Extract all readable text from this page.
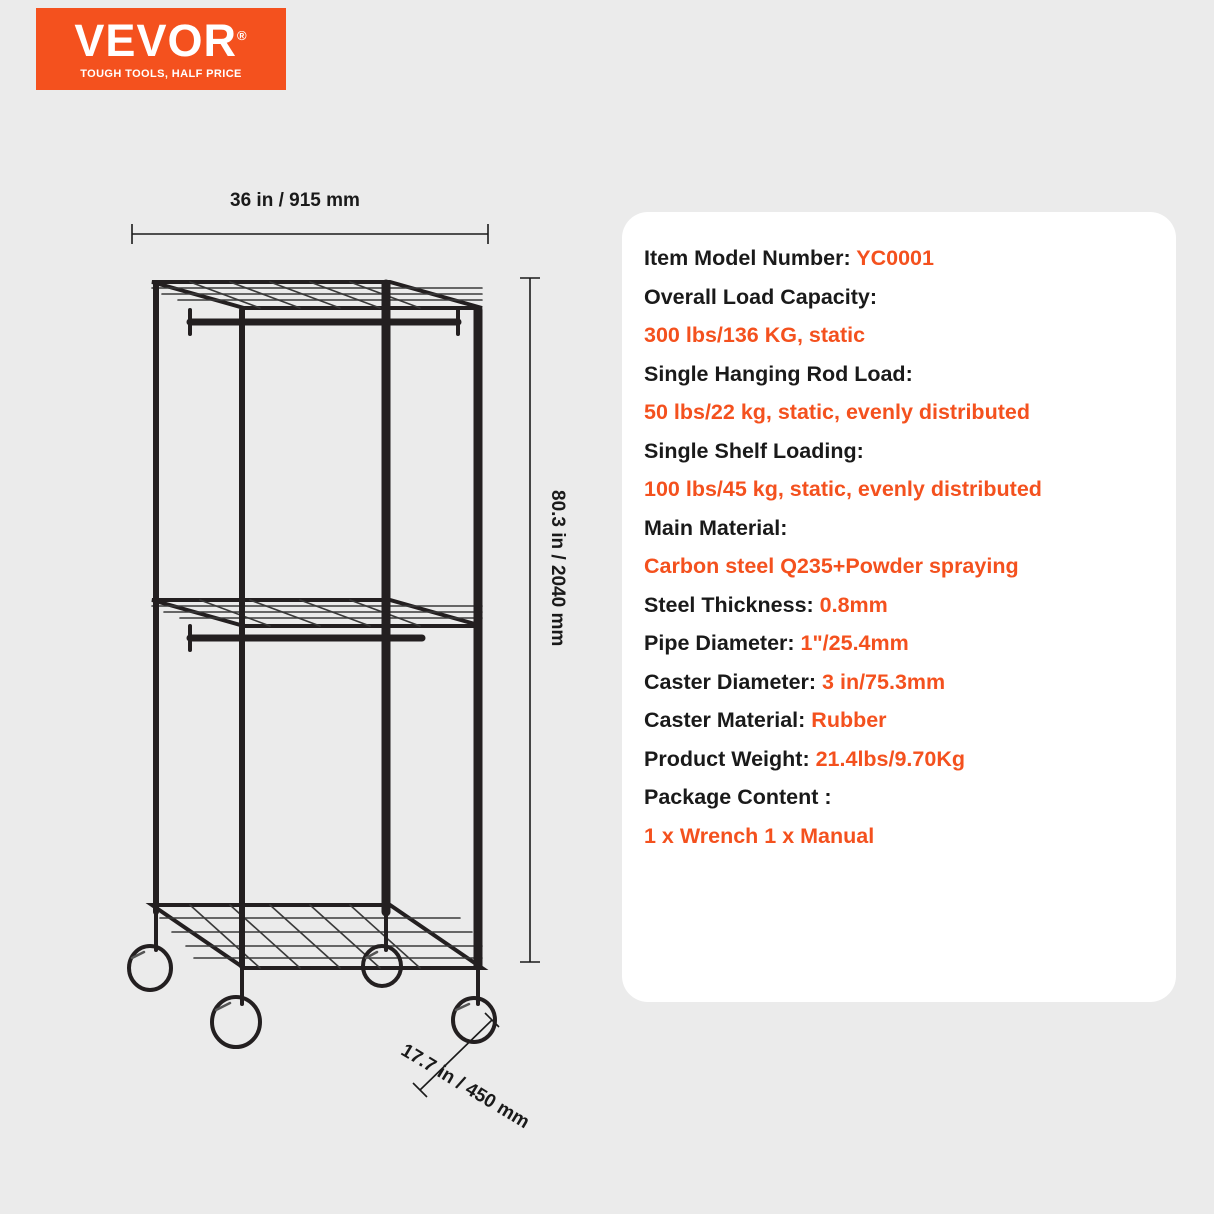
VEVOR®
TOUGH TOOLS, HALF PRICE
36 in / 915 mm
80.3 in / 2040 mm
17.7 in / 450 mm
Item Model Number: YC0001
Overall Load Capacity:
300 lbs/136 KG, static
Single Hanging Rod Load:
50 lbs/22 kg, static, evenly distributed
Single Shelf Loading:
100 lbs/45 kg, static, evenly distributed
Main Material:
Carbon steel Q235+Powder spraying
Steel Thickness: 0.8mm
Pipe Diameter: 1"/25.4mm
Caster Diameter: 3 in/75.3mm
Caster Material: Rubber
Product Weight: 21.4lbs/9.70Kg
Package Content :
1 x Wrench 1 x Manual
